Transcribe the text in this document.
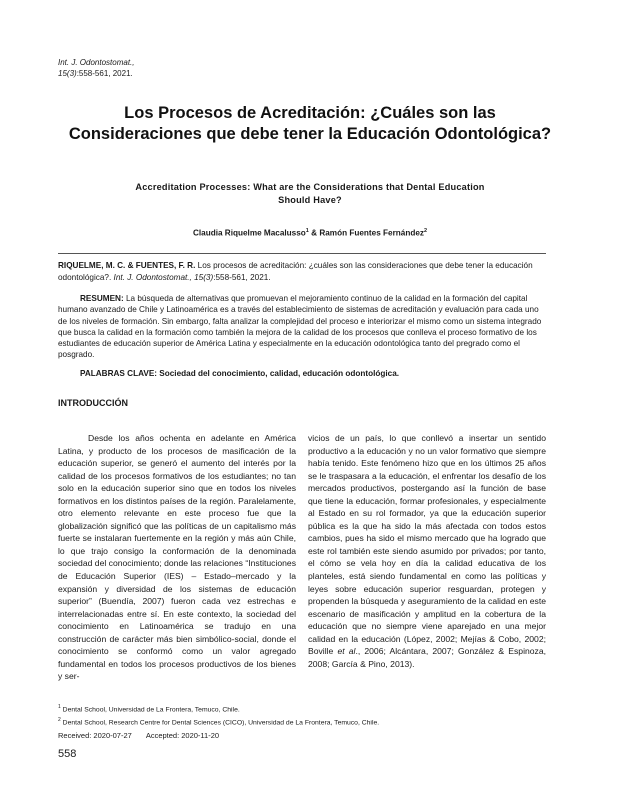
Int. J. Odontostomat.,
15(3):558-561, 2021.
Los Procesos de Acreditación: ¿Cuáles son las Consideraciones que debe tener la Educación Odontológica?
Accreditation Processes: What are the Considerations that Dental Education Should Have?
Claudia Riquelme Macalusso$^1$ & Ramón Fuentes Fernández$^2$
RIQUELME, M. C. & FUENTES, F. R. Los procesos de acreditación: ¿cuáles son las consideraciones que debe tener la educación odontológica?. Int. J. Odontostomat., 15(3):558-561, 2021.
RESUMEN: La búsqueda de alternativas que promuevan el mejoramiento continuo de la calidad en la formación del capital humano avanzado de Chile y Latinoamérica es a través del establecimiento de sistemas de acreditación y evaluación para cada uno de los niveles de formación. Sin embargo, falta analizar la complejidad del proceso e interiorizar el mismo como un sistema integrado que busca la calidad en la formación como también la mejora de la calidad de los procesos que conlleva el proceso formativo de los estudiantes de educación superior de América Latina y especialmente en la educación odontológica tanto del pregrado como el posgrado.
PALABRAS CLAVE: Sociedad del conocimiento, calidad, educación odontológica.
INTRODUCCIÓN
Desde los años ochenta en adelante en América Latina, y producto de los procesos de masificación de la educación superior, se generó el aumento del interés por la calidad de los procesos formativos de los estudiantes; no tan solo en la educación superior sino que en todos los niveles formativos en los distintos países de la región. Paralelamente, otro elemento relevante en este proceso fue que la globalización significó que las políticas de un capitalismo más fuerte se instalaran fuertemente en la región y más aún Chile, lo que trajo consigo la conformación de la denominada sociedad del conocimiento; donde las relaciones “Instituciones de Educación Superior (IES) – Estado–mercado y la expansión y diversidad de los sistemas de educación superior” (Buendía, 2007) fueron cada vez estrechas e interrelacionadas entre sí. En este contexto, la sociedad del conocimiento en Latinoamérica se tradujo en una construcción de carácter más bien simbólico-social, donde el conocimiento se conformó como un valor agregado fundamental en todos los procesos productivos de los bienes y ser-
vicios de un país, lo que conllevó a insertar un sentido productivo a la educación y no un valor formativo que siempre había tenido. Este fenómeno hizo que en los últimos 25 años se le traspasara a la educación, el enfrentar los desafío de los mercados productivos, postergando así la función de base que tiene la educación, formar profesionales, y especialmente al Estado en su rol formador, ya que la educación superior pública es la que ha sido la más afectada con todos estos cambios, pues ha sido el mismo mercado que ha logrado que este rol también este siendo asumido por privados; por tanto, el cómo se vela hoy en día la calidad educativa de los planteles, está siendo fundamental en como las políticas y leyes sobre educación superior resguardan, protegen y propenden la búsqueda y aseguramiento de la calidad en este escenario de masificación y amplitud en la cobertura de la educación que no siempre viene aparejado en una mejor calidad en la educación (López, 2002; Mejías & Cobo, 2002; Boville et al., 2006; Alcántara, 2007; González & Espinoza, 2008; García & Pino, 2013).
$^1$ Dental School, Universidad de La Frontera, Temuco, Chile.
$^2$ Dental School, Research Centre for Dental Sciences (CICO), Universidad de La Frontera, Temuco, Chile.
Received: 2020-07-27 Accepted: 2020-11-20
558
